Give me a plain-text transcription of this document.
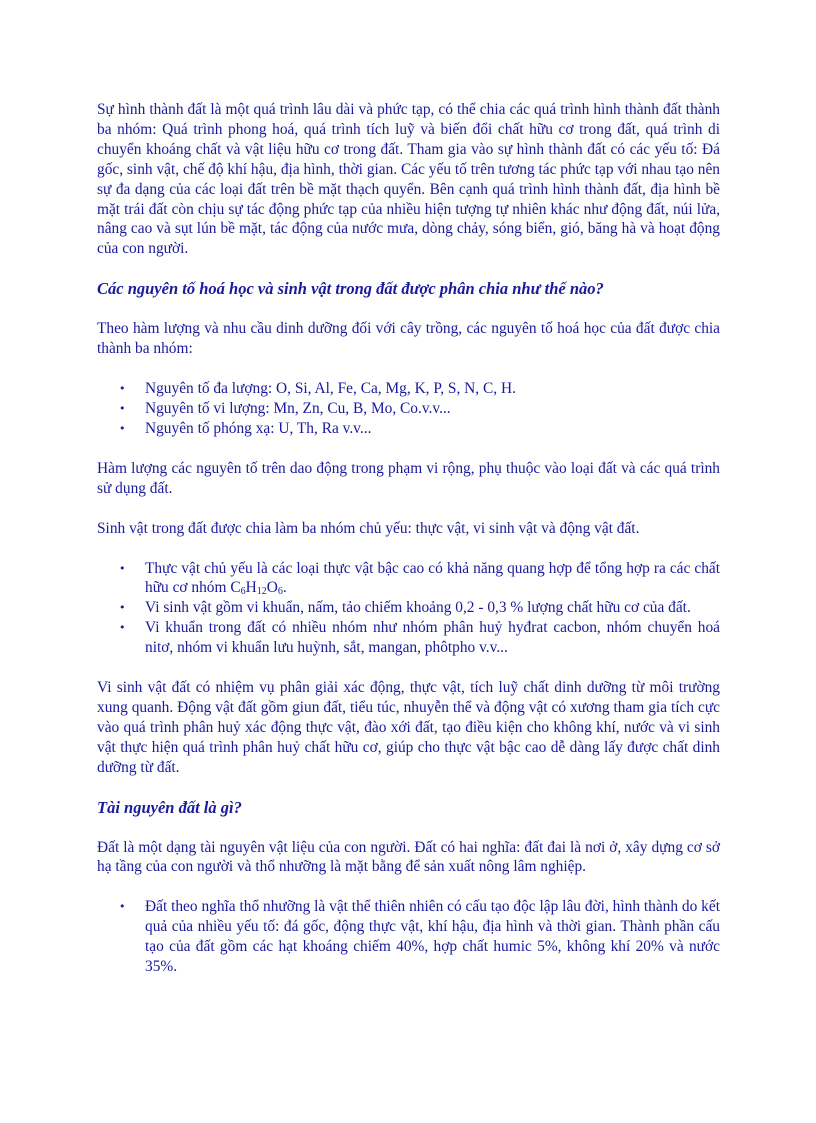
Sự hình thành đất là một quá trình lâu dài và phức tạp, có thể chia các quá trình hình thành đất thành ba nhóm: Quá trình phong hoá, quá trình tích luỹ và biến đổi chất hữu cơ trong đất, quá trình di chuyển khoáng chất và vật liệu hữu cơ trong đất. Tham gia vào sự hình thành đất có các yếu tố: Đá gốc, sinh vật, chế độ khí hậu, địa hình, thời gian. Các yếu tố trên tương tác phức tạp với nhau tạo nên sự đa dạng của các loại đất trên bề mặt thạch quyển. Bên cạnh quá trình hình thành đất, địa hình bề mặt trái đất còn chịu sự tác động phức tạp của nhiều hiện tượng tự nhiên khác như động đất, núi lửa, nâng cao và sụt lún bề mặt, tác động của nước mưa, dòng chảy, sóng biển, gió, băng hà và hoạt động của con người.

Các nguyên tố hoá học và sinh vật trong đất được phân chia như thế nào?

Theo hàm lượng và nhu cầu dinh dưỡng đối với cây trồng, các nguyên tố hoá học của đất được chia thành ba nhóm:

• Nguyên tố đa lượng: O, Si, Al, Fe, Ca, Mg, K, P, S, N, C, H.
• Nguyên tố vi lượng: Mn, Zn, Cu, B, Mo, Co.v.v...
• Nguyên tố phóng xạ: U, Th, Ra v.v...

Hàm lượng các nguyên tố trên dao động trong phạm vi rộng, phụ thuộc vào loại đất và các quá trình sử dụng đất.

Sinh vật trong đất được chia làm ba nhóm chủ yếu: thực vật, vi sinh vật và động vật đất.

• Thực vật chủ yếu là các loại thực vật bậc cao có khả năng quang hợp để tổng hợp ra các chất hữu cơ nhóm $C_6H_{12}O_6$.
• Vi sinh vật gồm vi khuẩn, nấm, tảo chiếm khoảng 0,2 - 0,3 % lượng chất hữu cơ của đất.
• Vi khuẩn trong đất có nhiều nhóm như nhóm phân huỷ hyđrat cacbon, nhóm chuyển hoá nitơ, nhóm vi khuẩn lưu huỳnh, sắt, mangan, phôtpho v.v...

Vi sinh vật đất có nhiệm vụ phân giải xác động, thực vật, tích luỹ chất dinh dưỡng từ môi trường xung quanh. Động vật đất gồm giun đất, tiểu túc, nhuyễn thể và động vật có xương tham gia tích cực vào quá trình phân huỷ xác động thực vật, đào xới đất, tạo điều kiện cho không khí, nước và vi sinh vật thực hiện quá trình phân huỷ chất hữu cơ, giúp cho thực vật bậc cao dễ dàng lấy được chất dinh dưỡng từ đất.

Tài nguyên đất là gì?

Đất là một dạng tài nguyên vật liệu của con người. Đất có hai nghĩa: đất đai là nơi ở, xây dựng cơ sở hạ tầng của con người và thổ nhưỡng là mặt bằng để sản xuất nông lâm nghiệp.

• Đất theo nghĩa thổ nhưỡng là vật thể thiên nhiên có cấu tạo độc lập lâu đời, hình thành do kết quả của nhiều yếu tố: đá gốc, động thực vật, khí hậu, địa hình và thời gian. Thành phần cấu tạo của đất gồm các hạt khoáng chiếm 40%, hợp chất humic 5%, không khí 20% và nước 35%.
